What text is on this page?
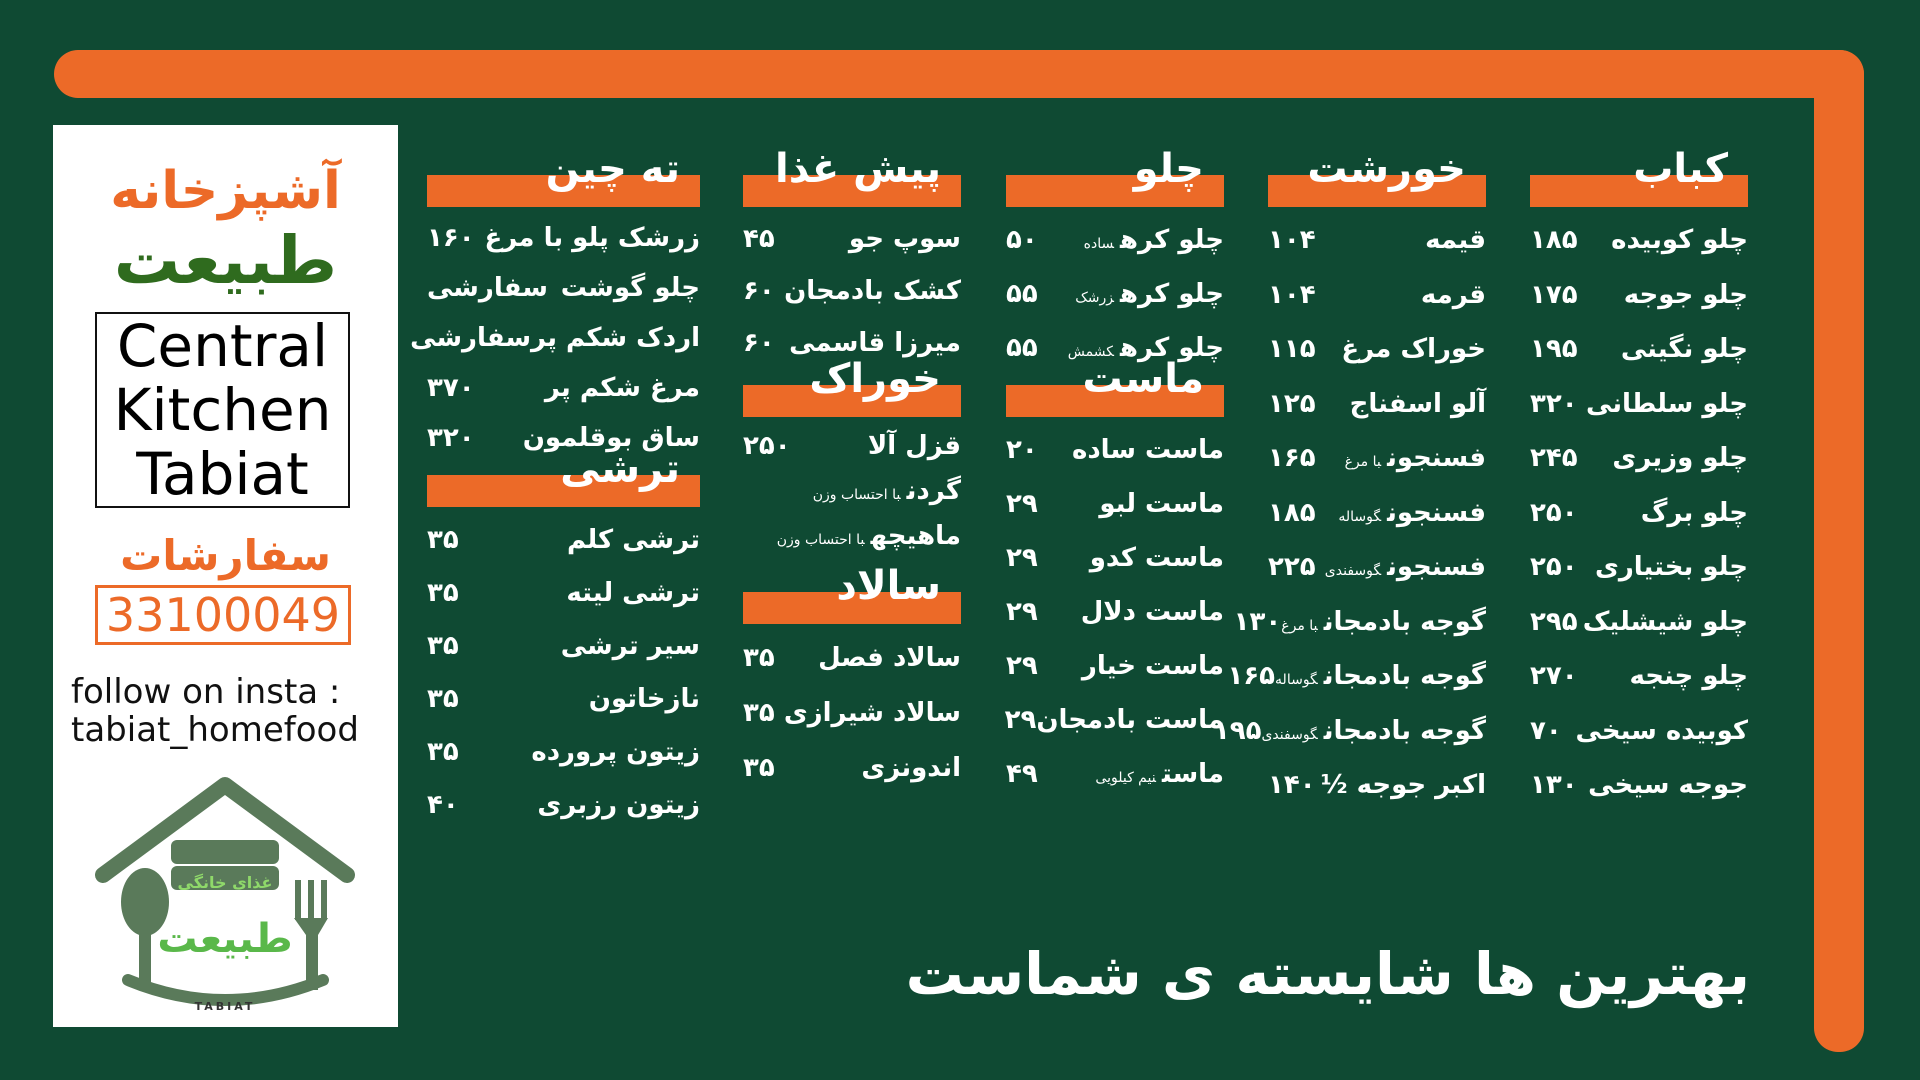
آشپزخانه
طبیعت
Central
Kitchen
Tabiat
سفارشات
33100049
follow on insta :
tabiat_homefood
غذای خانگی
طبیعت
TABIAT
کباب
چلو کوبیده
۱۸۵
چلو جوجه
۱۷۵
چلو نگینی
۱۹۵
چلو سلطانی
۳۲۰
چلو وزیری
۲۴۵
چلو برگ
۲۵۰
چلو بختیاری
۲۵۰
چلو شیشلیک
۲۹۵
چلو چنجه
۲۷۰
کوبیده سیخی
۷۰
جوجه سیخی
۱۳۰
خورشت
قیمه
۱۰۴
قرمه
۱۰۴
خوراک مرغ
۱۱۵
آلو اسفناج
۱۲۵
فسنجونبا مرغ
۱۶۵
فسنجونگوساله
۱۸۵
فسنجونگوسفندی
۲۲۵
گوجه بادمجانبا مرغ
۱۳۰
گوجه بادمجانگوساله
۱۶۵
گوجه بادمجانگوسفندی
۱۹۵
اکبر جوجه ½
۱۴۰
چلو
چلو کرهساده
۵۰
چلو کرهزرشک
۵۵
چلو کرهکشمش
۵۵
ماست
ماست ساده
۲۰
ماست لبو
۲۹
ماست کدو
۲۹
ماست دلال
۲۹
ماست خیار
۲۹
ماست بادمجان
۲۹
ماستنیم کیلویی
۴۹
پیش غذا
سوپ جو
۴۵
کشک بادمجان
۶۰
میرزا قاسمی
۶۰
خوراک
قزل آلا
۲۵۰
گردنبا احتساب وزن
ماهیچهبا احتساب وزن
سالاد
سالاد فصل
۳۵
سالاد شیرازی
۳۵
اندونزی
۳۵
ته چین
زرشک پلو با مرغ
۱۶۰
چلو گوشت
سفارشی
اردک شکم پر
سفارشی
مرغ شکم پر
۳۷۰
ساق بوقلمون
۳۲۰
ترشی
ترشی کلم
۳۵
ترشی لیته
۳۵
سیر ترشی
۳۵
نازخاتون
۳۵
زیتون پرورده
۳۵
زیتون رزبری
۴۰
بهترین ها شایسته ی شماست
